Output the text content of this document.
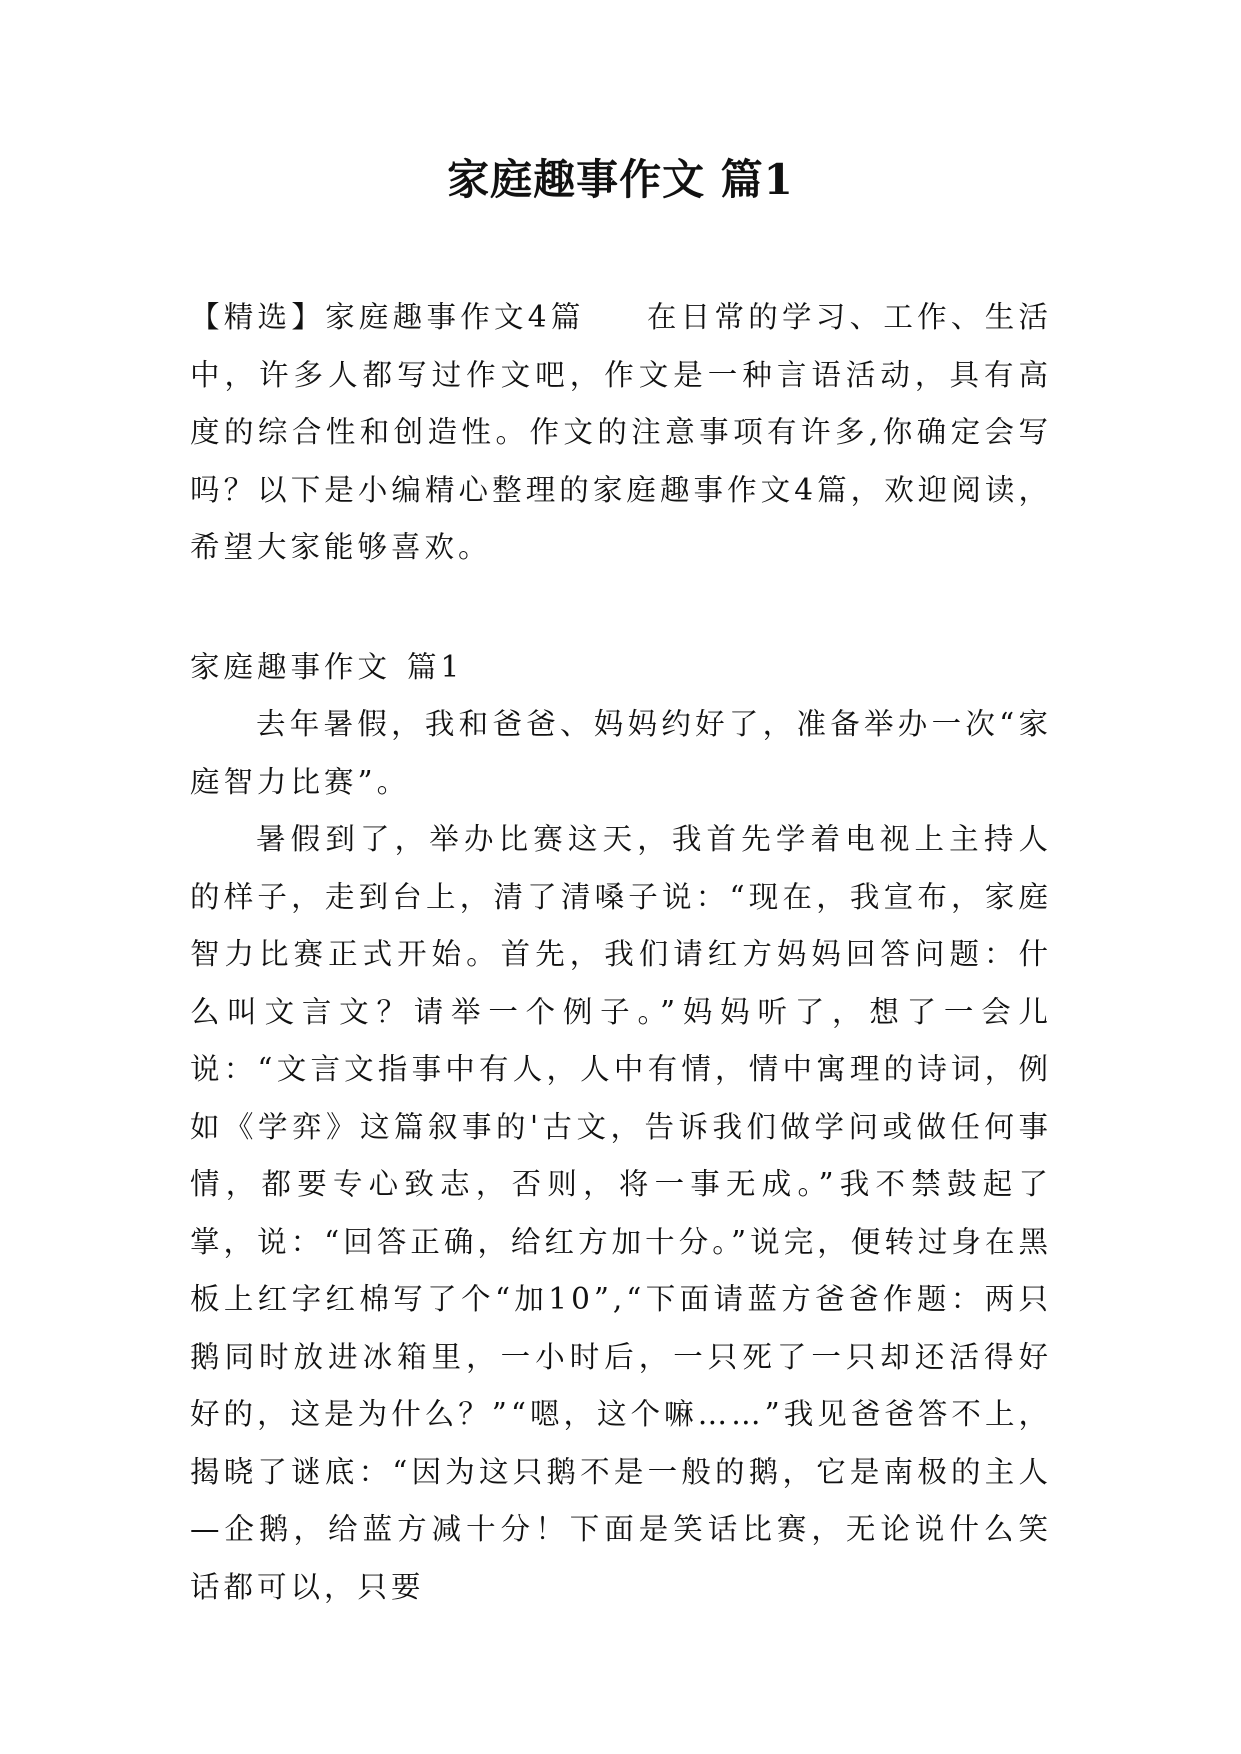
家庭趣事作文 篇1

【精选】家庭趣事作文4篇 在日常的学习、工作、生活中，许多人都写过作文吧，作文是一种言语活动，具有高度的综合性和创造性。作文的注意事项有许多,你确定会写吗？以下是小编精心整理的家庭趣事作文4篇，欢迎阅读，希望大家能够喜欢。

家庭趣事作文 篇1

去年暑假，我和爸爸、妈妈约好了，准备举办一次“家庭智力比赛”。

暑假到了，举办比赛这天，我首先学着电视上主持人的样子，走到台上，清了清嗓子说：“现在，我宣布，家庭智力比赛正式开始。首先，我们请红方妈妈回答问题：什么叫文言文？请举一个例子。”妈妈听了，想了一会儿说：“文言文指事中有人，人中有情，情中寓理的诗词，例如《学弈》这篇叙事的'古文，告诉我们做学问或做任何事情，都要专心致志，否则，将一事无成。”我不禁鼓起了掌，说：“回答正确，给红方加十分。”说完，便转过身在黑板上红字红棉写了个“加10”,“下面请蓝方爸爸作题：两只鹅同时放进冰箱里，一小时后，一只死了一只却还活得好好的，这是为什么？”“嗯，这个嘛……”我见爸爸答不上，揭晓了谜底：“因为这只鹅不是一般的鹅，它是南极的主人—企鹅，给蓝方减十分！下面是笑话比赛，无论说什么笑话都可以，只要
